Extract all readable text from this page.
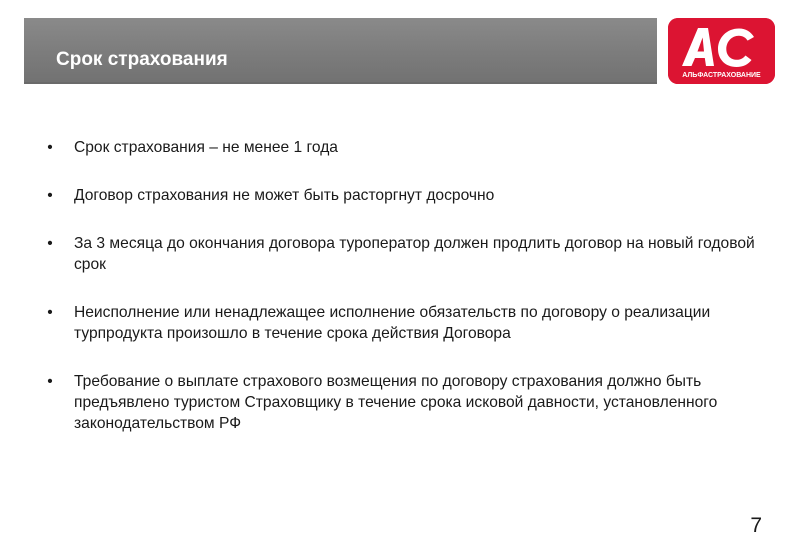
Срок страхования
АЛЬФАСТРАХОВАНИЕ
• Срок страхования – не менее 1 года
• Договор страхования не может быть расторгнут досрочно
• За 3 месяца до окончания договора туроператор должен продлить договор на новый годовой срок
• Неисполнение или ненадлежащее исполнение обязательств по договору о реализации турпродукта произошло в течение срока действия Договора
• Требование о выплате страхового возмещения по договору страхования должно быть предъявлено туристом Страховщику в течение срока исковой давности, установленного законодательством РФ
7
